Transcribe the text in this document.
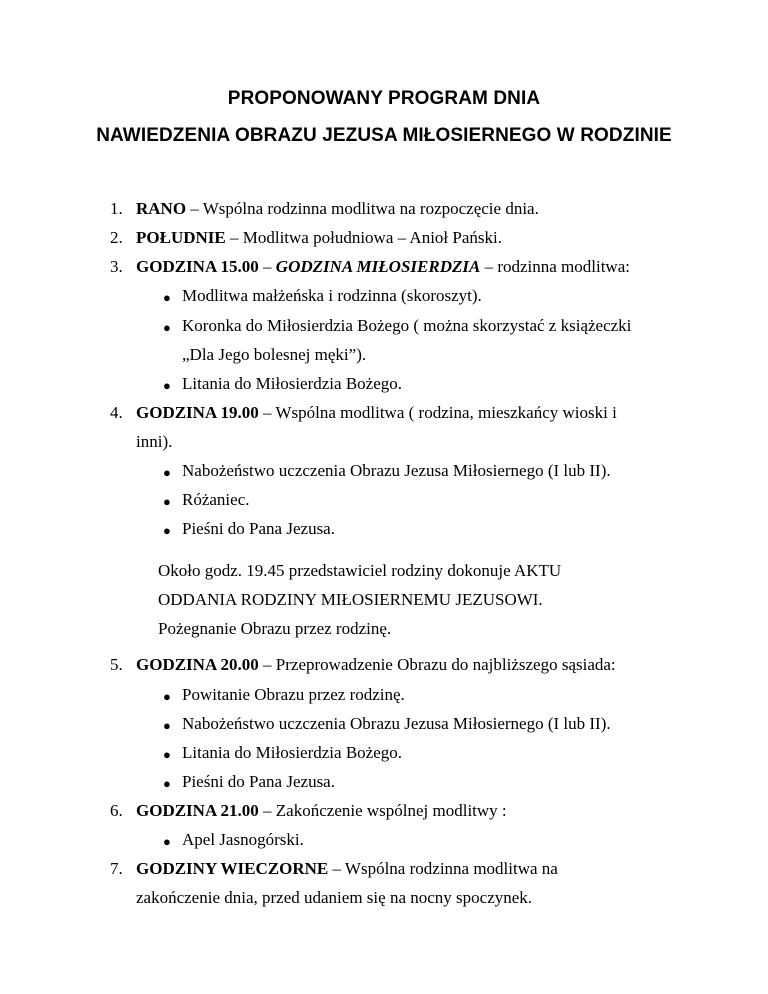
PROPONOWANY PROGRAM DNIA
NAWIEDZENIA OBRAZU JEZUSA MIŁOSIERNEGO W RODZINIE
1. RANO – Wspólna rodzinna modlitwa na rozpoczęcie dnia.
2. POŁUDNIE – Modlitwa południowa – Anioł Pański.
3. GODZINA 15.00 – GODZINA MIŁOSIERDZIA – rodzinna modlitwa:
● Modlitwa małżeńska i rodzinna (skoroszyt).
● Koronka do Miłosierdzia Bożego ( można skorzystać z książeczki
„Dla Jego bolesnej męki”).
● Litania do Miłosierdzia Bożego.
4. GODZINA 19.00 – Wspólna modlitwa ( rodzina, mieszkańcy wioski i
inni).
● Nabożeństwo uczczenia Obrazu Jezusa Miłosiernego (I lub II).
● Różaniec.
● Pieśni do Pana Jezusa.
Około godz. 19.45 przedstawiciel rodziny dokonuje AKTU
ODDANIA RODZINY MIŁOSIERNEMU JEZUSOWI.
Pożegnanie Obrazu przez rodzinę.
5. GODZINA 20.00 – Przeprowadzenie Obrazu do najbliższego sąsiada:
● Powitanie Obrazu przez rodzinę.
● Nabożeństwo uczczenia Obrazu Jezusa Miłosiernego (I lub II).
● Litania do Miłosierdzia Bożego.
● Pieśni do Pana Jezusa.
6. GODZINA 21.00 – Zakończenie wspólnej modlitwy :
● Apel Jasnogórski.
7. GODZINY WIECZORNE – Wspólna rodzinna modlitwa na
zakończenie dnia, przed udaniem się na nocny spoczynek.
